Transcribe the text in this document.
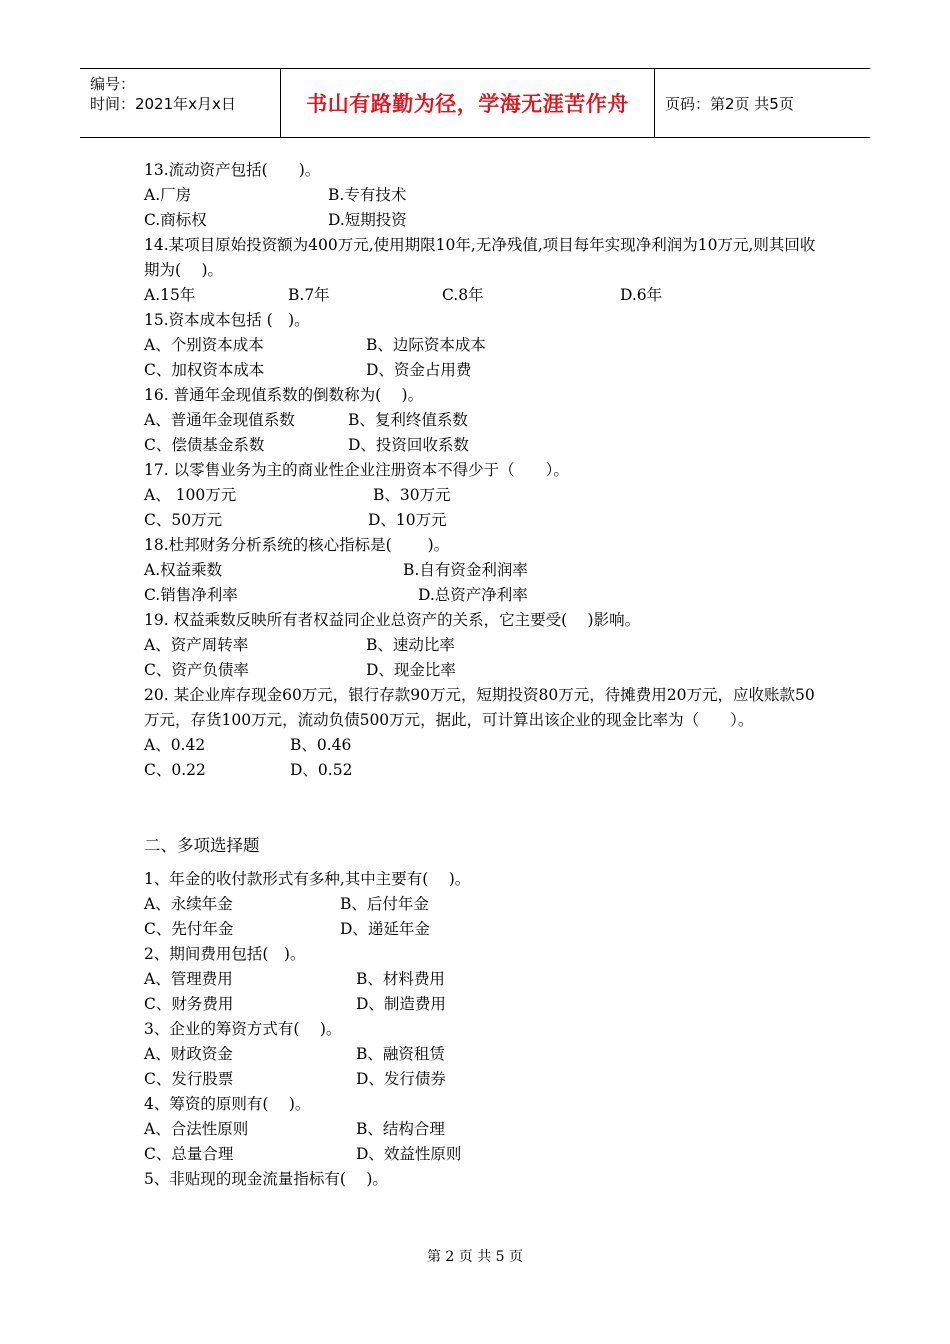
编号：
时间：2021年x月x日	书山有路勤为径，学海无涯苦作舟	页码：第2页 共5页
13.流动资产包括(　　)。
A.厂房	B.专有技术
C.商标权	D.短期投资
14.某项目原始投资额为400万元,使用期限10年,无净残值,项目每年实现净利润为10万元,则其回收期为(　 )。
A.15年	B.7年	C.8年	D.6年
15.资本成本包括 (　)。
A、个别资本成本	B、边际资本成本
C、加权资本成本	D、资金占用费
16. 普通年金现值系数的倒数称为(　 )。
A、普通年金现值系数	B、复利终值系数
C、偿债基金系数	D、投资回收系数
17. 以零售业务为主的商业性企业注册资本不得少于（　　）。
A、 100万元	B、30万元
C、50万元	D、10万元
18.杜邦财务分析系统的核心指标是(　　 )。
A.权益乘数	B.自有资金利润率
C.销售净利率	D.总资产净利率
19. 权益乘数反映所有者权益同企业总资产的关系，它主要受(　 )影响。
A、资产周转率	B、速动比率
C、资产负债率	D、现金比率
20. 某企业库存现金60万元，银行存款90万元，短期投资80万元，待摊费用20万元，应收账款50万元，存货100万元，流动负债500万元，据此，可计算出该企业的现金比率为（　　）。
A、0.42	B、0.46
C、0.22	D、0.52
二、多项选择题
1、年金的收付款形式有多种,其中主要有(　 )。
A、永续年金	B、后付年金
C、先付年金	D、递延年金
2、期间费用包括(　)。
A、管理费用	B、材料费用
C、财务费用	D、制造费用
3、企业的筹资方式有(　 )。
A、财政资金	B、融资租赁
C、发行股票	D、发行债券
4、筹资的原则有(　 )。
A、合法性原则	B、结构合理
C、总量合理	D、效益性原则
5、非贴现的现金流量指标有(　 )。
第 2 页 共 5 页
